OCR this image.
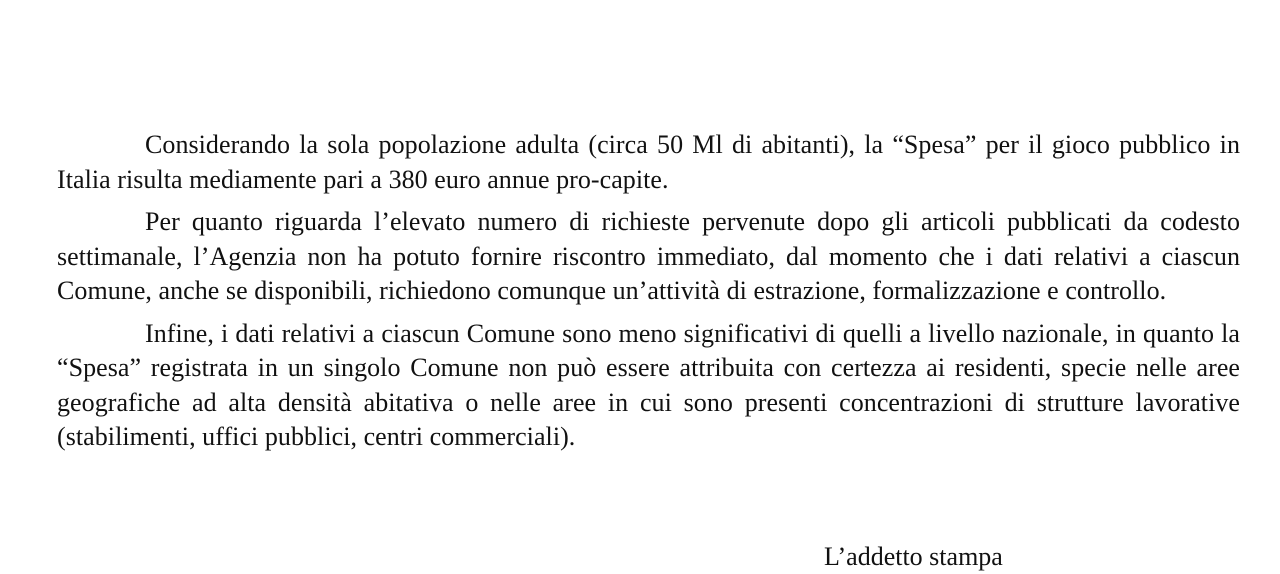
Considerando la sola popolazione adulta (circa 50 Ml di abitanti), la “Spesa” per il gioco pubblico in Italia risulta mediamente pari a 380 euro annue pro-capite.

Per quanto riguarda l’elevato numero di richieste pervenute dopo gli articoli pubblicati da codesto settimanale, l’Agenzia non ha potuto fornire riscontro immediato, dal momento che i dati relativi a ciascun Comune, anche se disponibili, richiedono comunque un’attività di estrazione, formalizzazione e controllo.

Infine, i dati relativi a ciascun Comune sono meno significativi di quelli a livello nazionale, in quanto la “Spesa” registrata in un singolo Comune non può essere attribuita con certezza ai residenti, specie nelle aree geografiche ad alta densità abitativa o nelle aree in cui sono presenti concentrazioni di strutture lavorative (stabilimenti, uffici pubblici, centri commerciali).

L’addetto stampa
